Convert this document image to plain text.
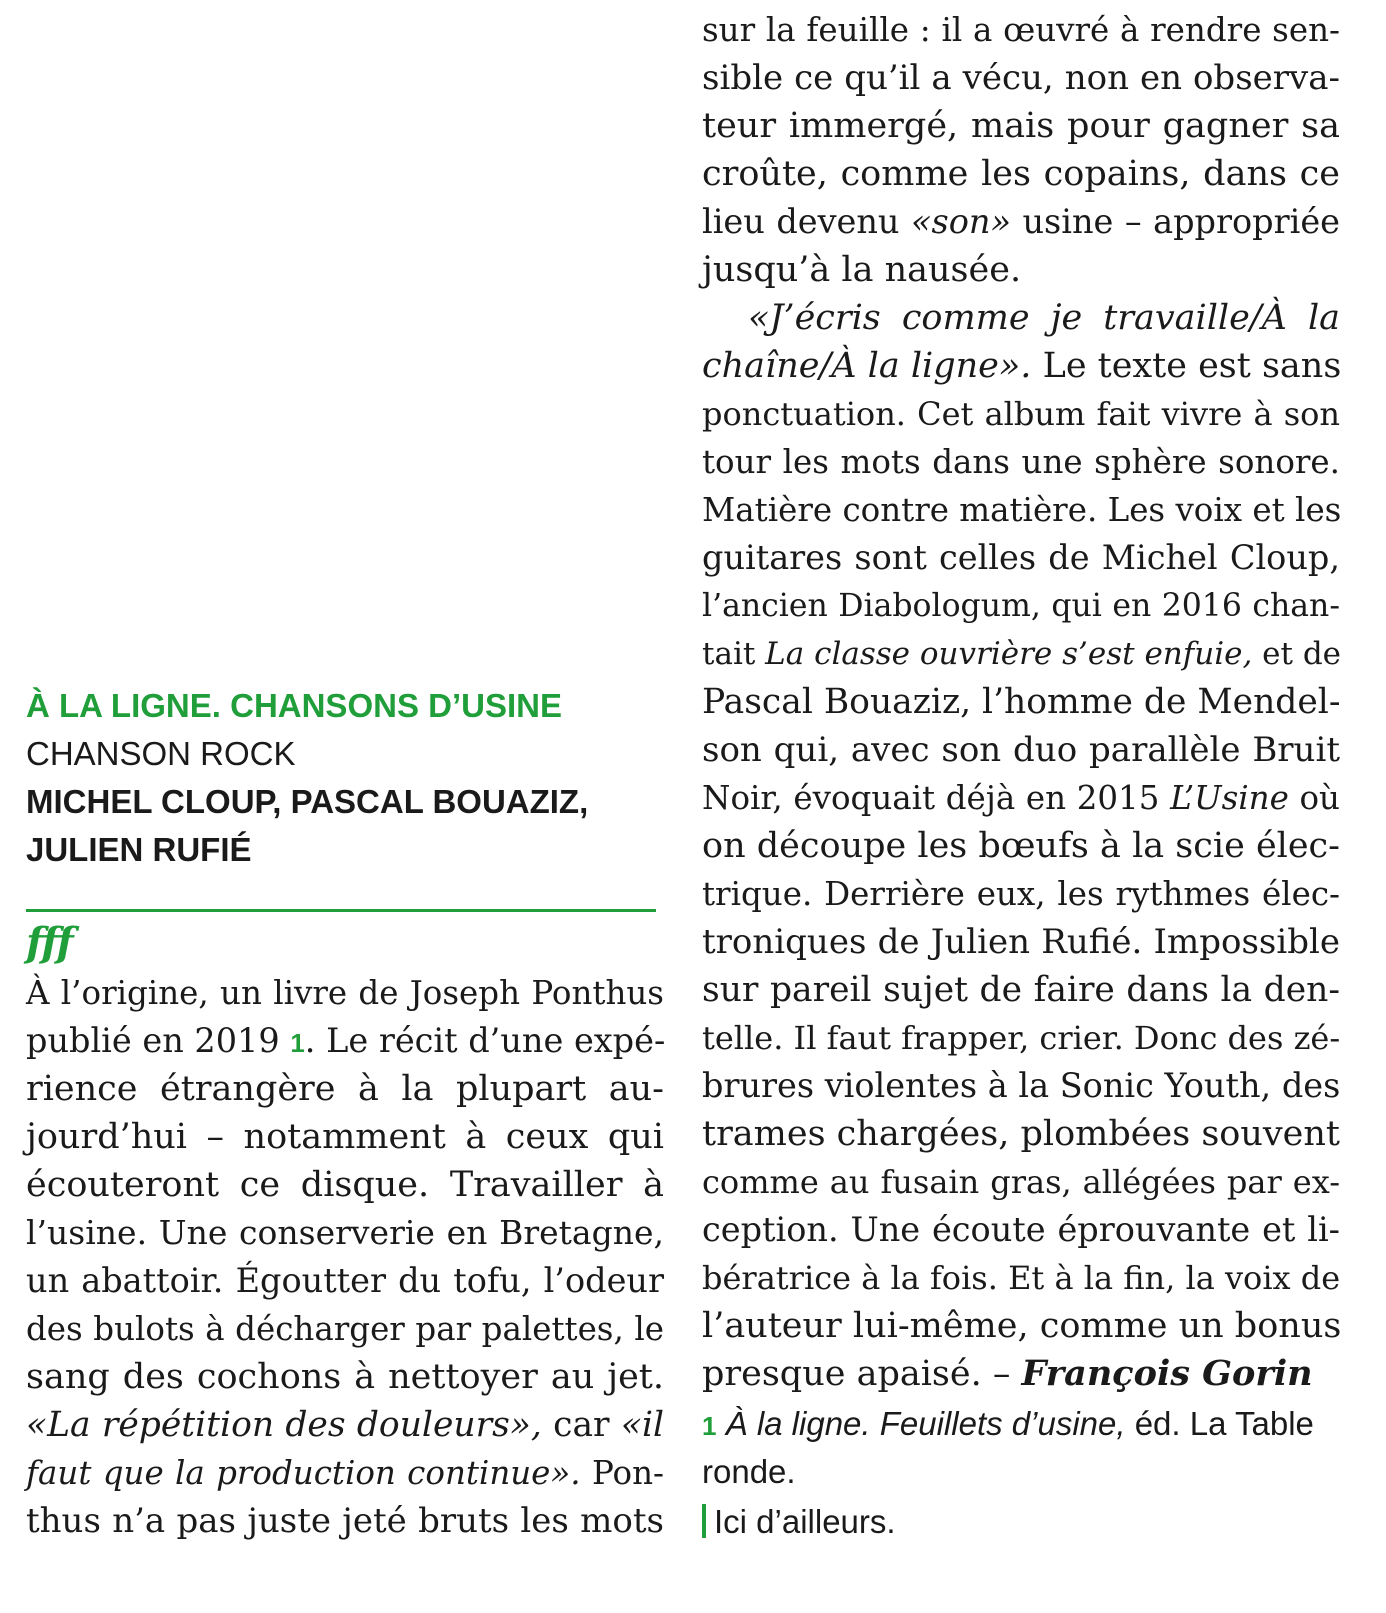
À LA LIGNE. CHANSONS D’USINE
CHANSON ROCK
MICHEL CLOUP, PASCAL BOUAZIZ,
JULIEN RUFIÉ
fff
À l’origine, un livre de Joseph Ponthus
publié en 2019 1. Le récit d’une expé-
rience étrangère à la plupart au-
jourd’hui – notamment à ceux qui
écouteront ce disque. Travailler à
l’usine. Une conserverie en Bretagne,
un abattoir. Égoutter du tofu, l’odeur
des bulots à décharger par palettes, le
sang des cochons à nettoyer au jet.
«La répétition des douleurs», car «il
faut que la production continue». Pon-
thus n’a pas juste jeté bruts les mots
sur la feuille : il a œuvré à rendre sen-
sible ce qu’il a vécu, non en observa-
teur immergé, mais pour gagner sa
croûte, comme les copains, dans ce
lieu devenu «son» usine – appropriée
jusqu’à la nausée.
«J’écris comme je travaille/À la
chaîne/À la ligne». Le texte est sans
ponctuation. Cet album fait vivre à son
tour les mots dans une sphère sonore.
Matière contre matière. Les voix et les
guitares sont celles de Michel Cloup,
l’ancien Diabologum, qui en 2016 chan-
tait La classe ouvrière s’est enfuie, et de
Pascal Bouaziz, l’homme de Mendel-
son qui, avec son duo parallèle Bruit
Noir, évoquait déjà en 2015 L’Usine où
on découpe les bœufs à la scie élec-
trique. Derrière eux, les rythmes élec-
troniques de Julien Rufié. Impossible
sur pareil sujet de faire dans la den-
telle. Il faut frapper, crier. Donc des zé-
brures violentes à la Sonic Youth, des
trames chargées, plombées souvent
comme au fusain gras, allégées par ex-
ception. Une écoute éprouvante et li-
bératrice à la fois. Et à la fin, la voix de
l’auteur lui-même, comme un bonus
presque apaisé. – François Gorin
1 À la ligne. Feuillets d’usine, éd. La Table
ronde.
Ici d’ailleurs.
